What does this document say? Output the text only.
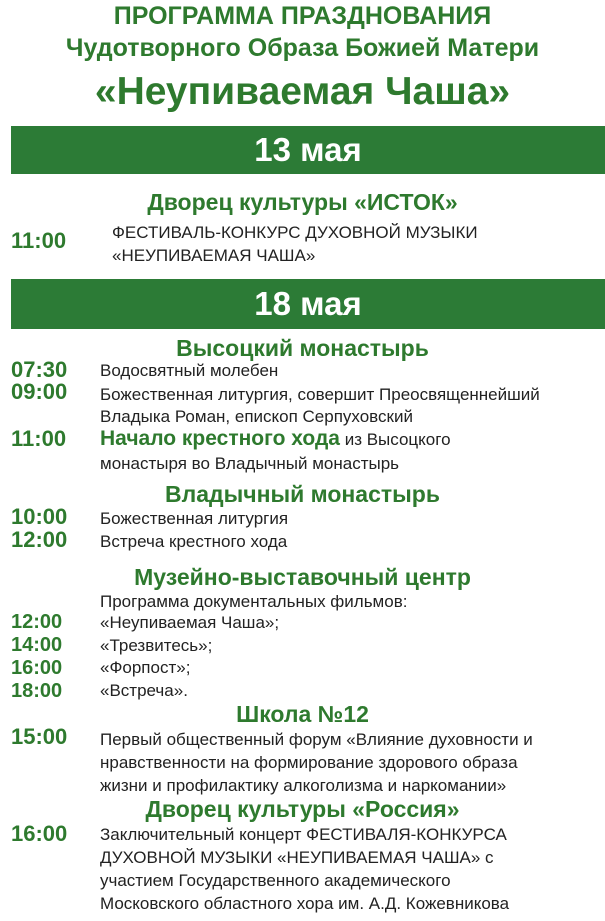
ПРОГРАММА ПРАЗДНОВАНИЯ
Чудотворного Образа Божией Матери
«Неупиваемая Чаша»
13 мая
Дворец культуры «ИСТОК»
11:00	ФЕСТИВАЛЬ-КОНКУРС ДУХОВНОЙ МУЗЫКИ
«НЕУПИВАЕМАЯ ЧАША»
18 мая
Высоцкий монастырь
07:30 Водосвятный молебен
09:00 Божественная литургия, совершит Преосвященнейший
Владыка Роман, епископ Серпуховский
11:00 Начало крестного хода из Высоцкого
монастыря во Владычный монастырь
Владычный монастырь
10:00 Божественная литургия
12:00 Встреча крестного хода
Музейно-выставочный центр
Программа документальных фильмов:
12:00 «Неупиваемая Чаша»;
14:00 «Трезвитесь»;
16:00 «Форпост»;
18:00 «Встреча».
Школа №12
15:00 Первый общественный форум «Влияние духовности и
нравственности на формирование здорового образа
жизни и профилактику алкоголизма и наркомании»
Дворец культуры «Россия»
16:00 Заключительный концерт ФЕСТИВАЛЯ-КОНКУРСА
ДУХОВНОЙ МУЗЫКИ «НЕУПИВАЕМАЯ ЧАША» с
участием Государственного академического
Московского областного хора им. А.Д. Кожевникова
